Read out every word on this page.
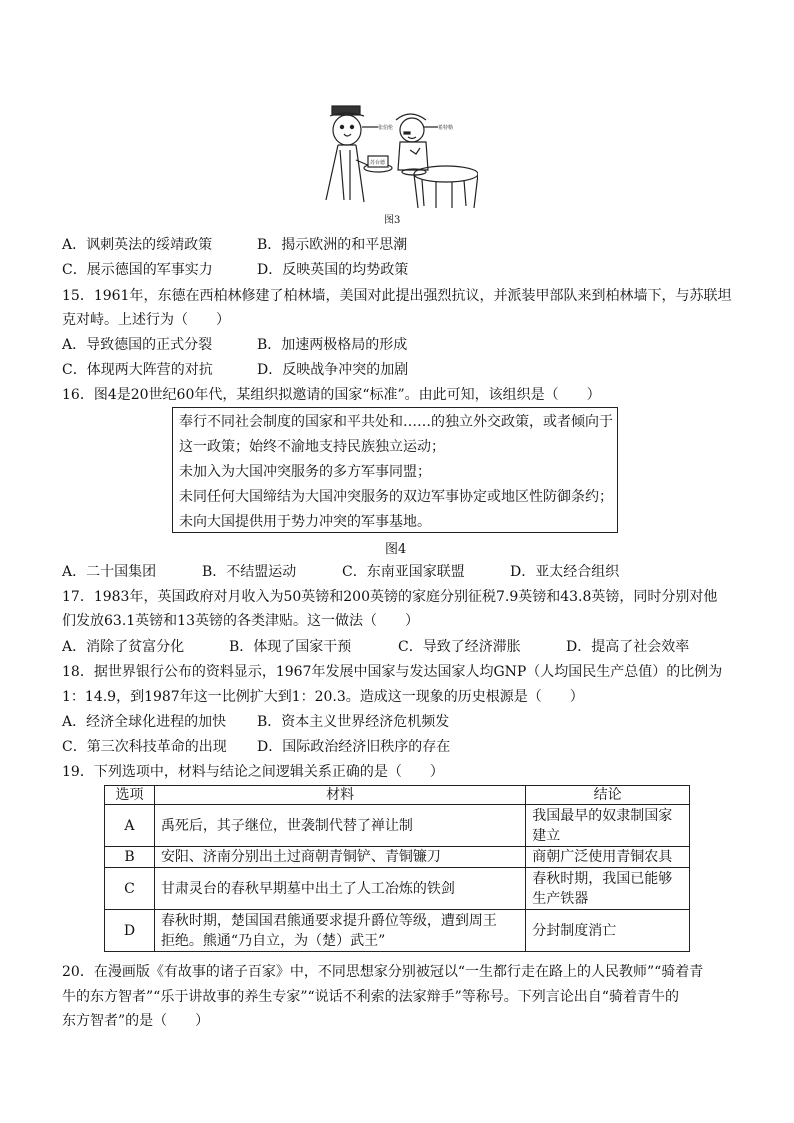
张伯伦
苏台德
希特勒
图3
A．讽刺英法的绥靖政策	B．揭示欧洲的和平思潮
C．展示德国的军事实力	D．反映英国的均势政策
15．1961年，东德在西柏林修建了柏林墙，美国对此提出强烈抗议，并派装甲部队来到柏林墙下，与苏联坦
克对峙。上述行为（　　）
A．导致德国的正式分裂	B．加速两极格局的形成
C．体现两大阵营的对抗	D．反映战争冲突的加剧
16．图4是20世纪60年代，某组织拟邀请的国家“标准”。由此可知，该组织是（　　）
奉行不同社会制度的国家和平共处和……的独立外交政策，或者倾向于
这一政策；始终不渝地支持民族独立运动；
未加入为大国冲突服务的多方军事同盟；
未同任何大国缔结为大国冲突服务的双边军事协定或地区性防御条约；
未向大国提供用于势力冲突的军事基地。
图4
A．二十国集团	B．不结盟运动	C．东南亚国家联盟	D．亚太经合组织
17．1983年，英国政府对月收入为50英镑和200英镑的家庭分别征税7.9英镑和43.8英镑，同时分别对他
们发放63.1英镑和13英镑的各类津贴。这一做法（　　）
A．消除了贫富分化	B．体现了国家干预	C．导致了经济滞胀	D．提高了社会效率
18．据世界银行公布的资料显示，1967年发展中国家与发达国家人均GNP（人均国民生产总值）的比例为
1：14.9，到1987年这一比例扩大到1：20.3。造成这一现象的历史根源是（　　）
A．经济全球化进程的加快 B．资本主义世界经济危机频发
C．第三次科技革命的出现 D．国际政治经济旧秩序的存在
19．下列选项中，材料与结论之间逻辑关系正确的是（　　）
选项	材料	结论
A	禹死后，其子继位，世袭制代替了禅让制	我国最早的奴隶制国家
建立

B	安阳、济南分别出土过商朝青铜铲、青铜镰刀	商朝广泛使用青铜农具
C	甘肃灵台的春秋早期墓中出土了人工冶炼的铁剑	春秋时期，我国已能够
生产铁器

D	春秋时期，楚国国君熊通要求提升爵位等级，遭到周王
拒绝。熊通“乃自立，为（楚）武王”	分封制度消亡
20．在漫画版《有故事的诸子百家》中，不同思想家分别被冠以“一生都行走在路上的人民教师”“骑着青
牛的东方智者”“乐于讲故事的养生专家”“说话不利索的法家辩手”等称号。下列言论出自“骑着青牛的
东方智者”的是（　　）
